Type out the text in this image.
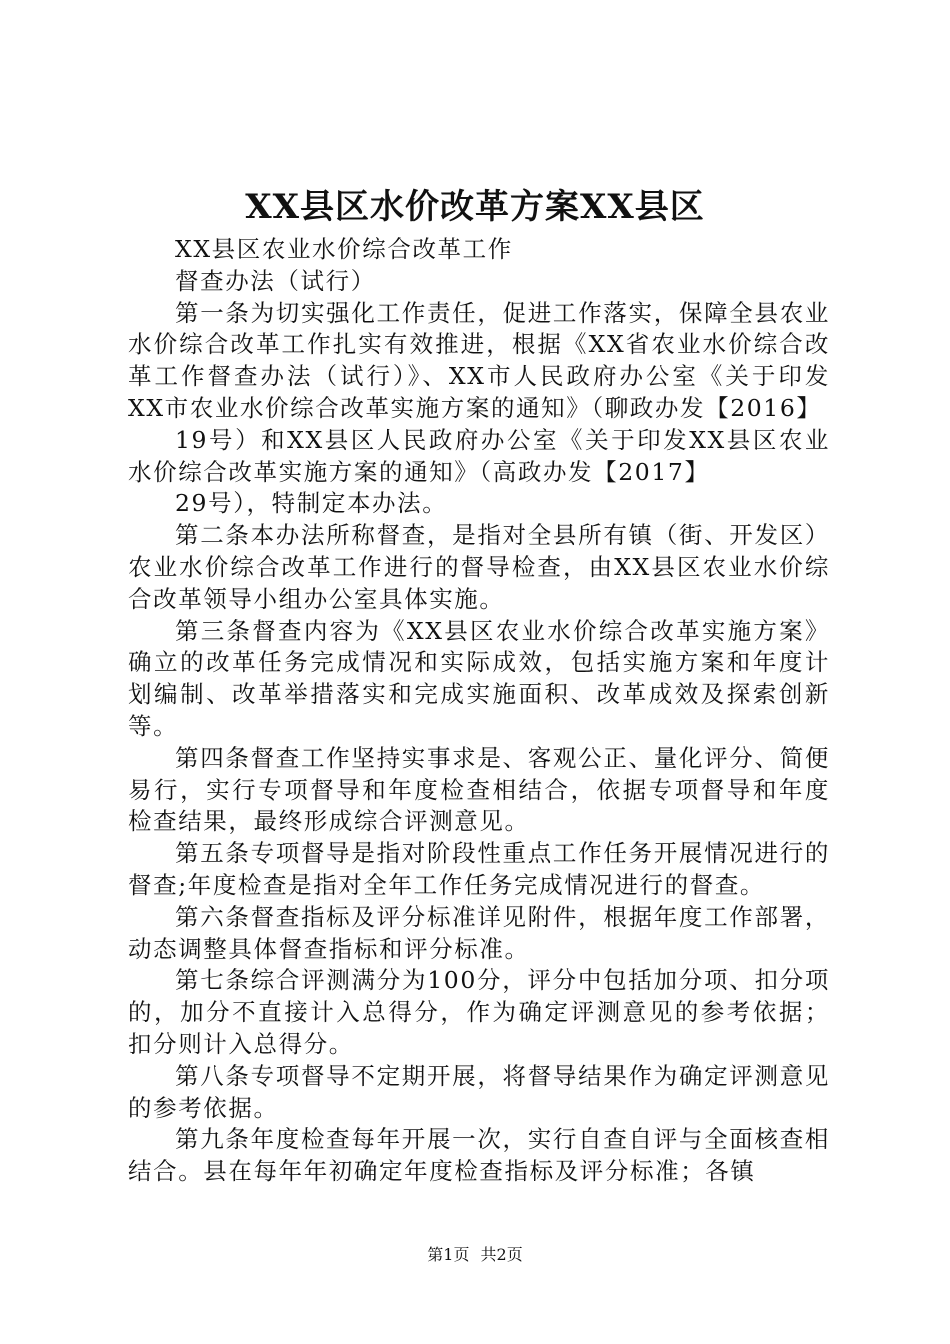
XX县区水价改革方案XX县区

XX县区农业水价综合改革工作

督查办法（试行）

第一条为切实强化工作责任，促进工作落实，保障全县农业水价综合改革工作扎实有效推进，根据《XX省农业水价综合改革工作督查办法（试行）》、XX市人民政府办公室《关于印发XX市农业水价综合改革实施方案的通知》（聊政办发【2016】

19号）和XX县区人民政府办公室《关于印发XX县区农业水价综合改革实施方案的通知》（高政办发【2017】

29号），特制定本办法。

第二条本办法所称督查，是指对全县所有镇（街、开发区）农业水价综合改革工作进行的督导检查，由XX县区农业水价综合改革领导小组办公室具体实施。

第三条督查内容为《XX县区农业水价综合改革实施方案》确立的改革任务完成情况和实际成效，包括实施方案和年度计划编制、改革举措落实和完成实施面积、改革成效及探索创新等。

第四条督查工作坚持实事求是、客观公正、量化评分、简便易行，实行专项督导和年度检查相结合，依据专项督导和年度检查结果，最终形成综合评测意见。

第五条专项督导是指对阶段性重点工作任务开展情况进行的督查;年度检查是指对全年工作任务完成情况进行的督查。

第六条督查指标及评分标准详见附件，根据年度工作部署，动态调整具体督查指标和评分标准。

第七条综合评测满分为100分，评分中包括加分项、扣分项的，加分不直接计入总得分，作为确定评测意见的参考依据；扣分则计入总得分。

第八条专项督导不定期开展，将督导结果作为确定评测意见的参考依据。

第九条年度检查每年开展一次，实行自查自评与全面核查相结合。县在每年年初确定年度检查指标及评分标准；各镇

第1页 共2页
